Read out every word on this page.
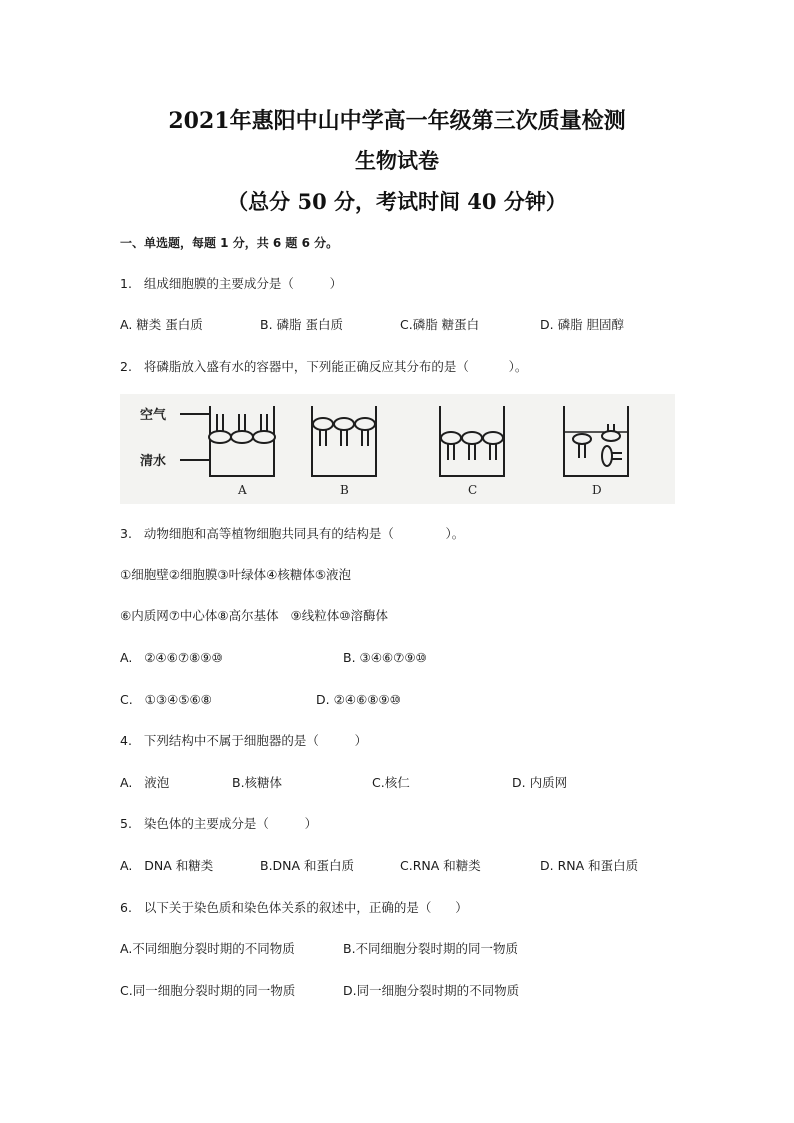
2021年惠阳中山中学高一年级第三次质量检测
生物试卷
（总分 50 分，考试时间 40 分钟）
一、单选题，每题 1 分，共 6 题 6 分。
1.   组成细胞膜的主要成分是（         ）
A. 糖类 蛋白质	B. 磷脂 蛋白质	C.磷脂 糖蛋白	D. 磷脂 胆固醇
2.   将磷脂放入盛有水的容器中，下列能正确反应其分布的是（          ）。
空气
清水
A	B	C	D
3.   动物细胞和高等植物细胞共同具有的结构是（             ）。
①细胞壁②细胞膜③叶绿体④核糖体⑤液泡
⑥内质网⑦中心体⑧高尔基体   ⑨线粒体⑩溶酶体
A.   ②④⑥⑦⑧⑨⑩	B. ③④⑥⑦⑨⑩
C.   ①③④⑤⑥⑧	D. ②④⑥⑧⑨⑩
4.   下列结构中不属于细胞器的是（         ）
A.   液泡	B.核糖体	C.核仁	D. 内质网
5.   染色体的主要成分是（         ）
A.   DNA 和糖类	B.DNA 和蛋白质	C.RNA 和糖类	D. RNA 和蛋白质
6.   以下关于染色质和染色体关系的叙述中，正确的是（      ）
A.不同细胞分裂时期的不同物质	B.不同细胞分裂时期的同一物质
C.同一细胞分裂时期的同一物质	D.同一细胞分裂时期的不同物质
